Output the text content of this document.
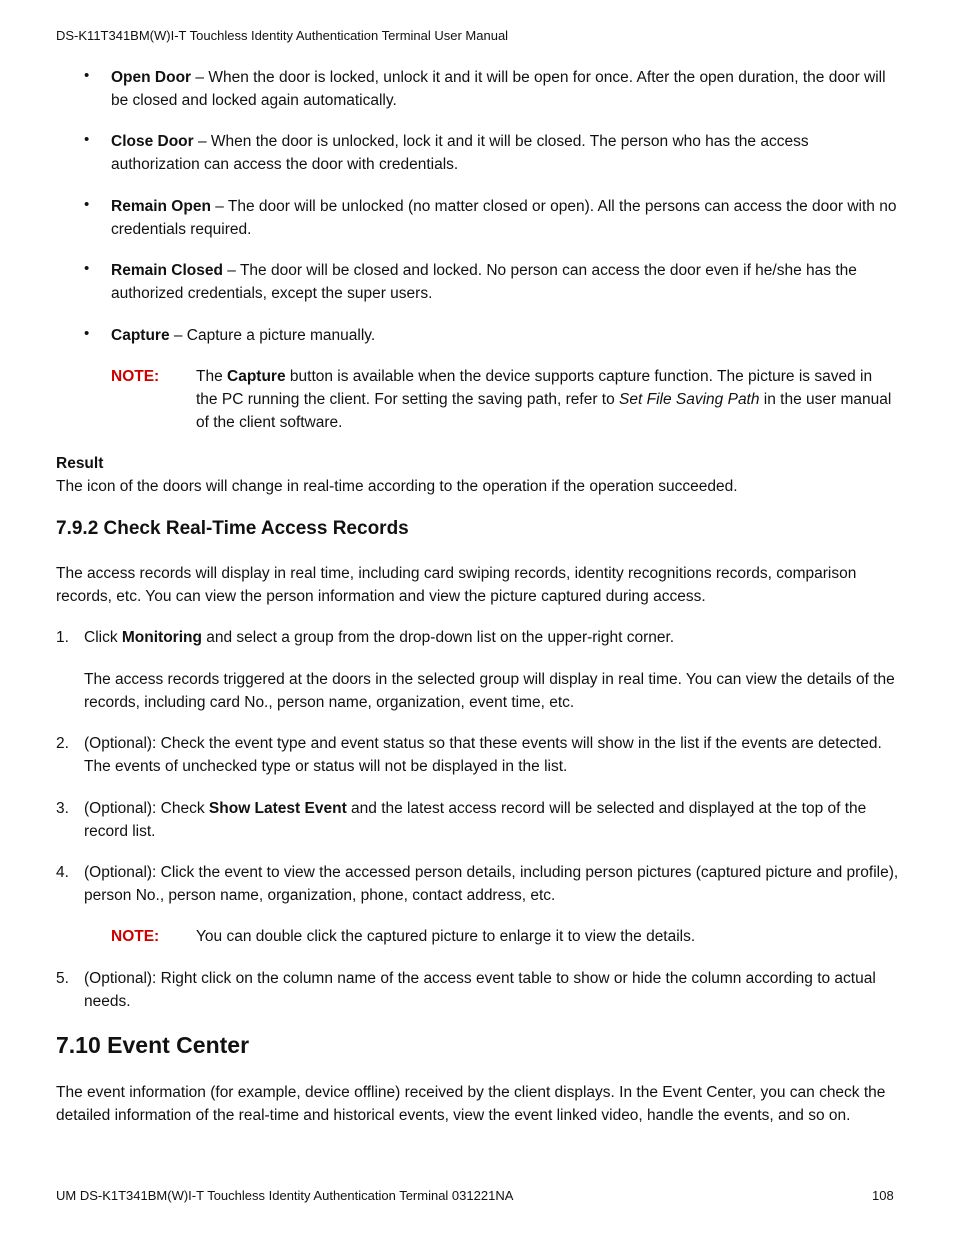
DS-K11T341BM(W)I-T Touchless Identity Authentication Terminal User Manual
• Open Door – When the door is locked, unlock it and it will be open for once. After the open duration, the door will be closed and locked again automatically.
• Close Door – When the door is unlocked, lock it and it will be closed. The person who has the access authorization can access the door with credentials.
• Remain Open – The door will be unlocked (no matter closed or open). All the persons can access the door with no credentials required.
• Remain Closed – The door will be closed and locked. No person can access the door even if he/she has the authorized credentials, except the super users.
• Capture – Capture a picture manually.
NOTE: The Capture button is available when the device supports capture function. The picture is saved in the PC running the client. For setting the saving path, refer to Set File Saving Path in the user manual of the client software.
Result
The icon of the doors will change in real-time according to the operation if the operation succeeded.
7.9.2 Check Real-Time Access Records
The access records will display in real time, including card swiping records, identity recognitions records, comparison records, etc. You can view the person information and view the picture captured during access.
1. Click Monitoring and select a group from the drop-down list on the upper-right corner.
The access records triggered at the doors in the selected group will display in real time. You can view the details of the records, including card No., person name, organization, event time, etc.
2. (Optional): Check the event type and event status so that these events will show in the list if the events are detected. The events of unchecked type or status will not be displayed in the list.
3. (Optional): Check Show Latest Event and the latest access record will be selected and displayed at the top of the record list.
4. (Optional): Click the event to view the accessed person details, including person pictures (captured picture and profile), person No., person name, organization, phone, contact address, etc.
NOTE: You can double click the captured picture to enlarge it to view the details.
5. (Optional): Right click on the column name of the access event table to show or hide the column according to actual needs.
7.10 Event Center
The event information (for example, device offline) received by the client displays. In the Event Center, you can check the detailed information of the real-time and historical events, view the event linked video, handle the events, and so on.
UM DS-K1T341BM(W)I-T Touchless Identity Authentication Terminal 031221NA	108
